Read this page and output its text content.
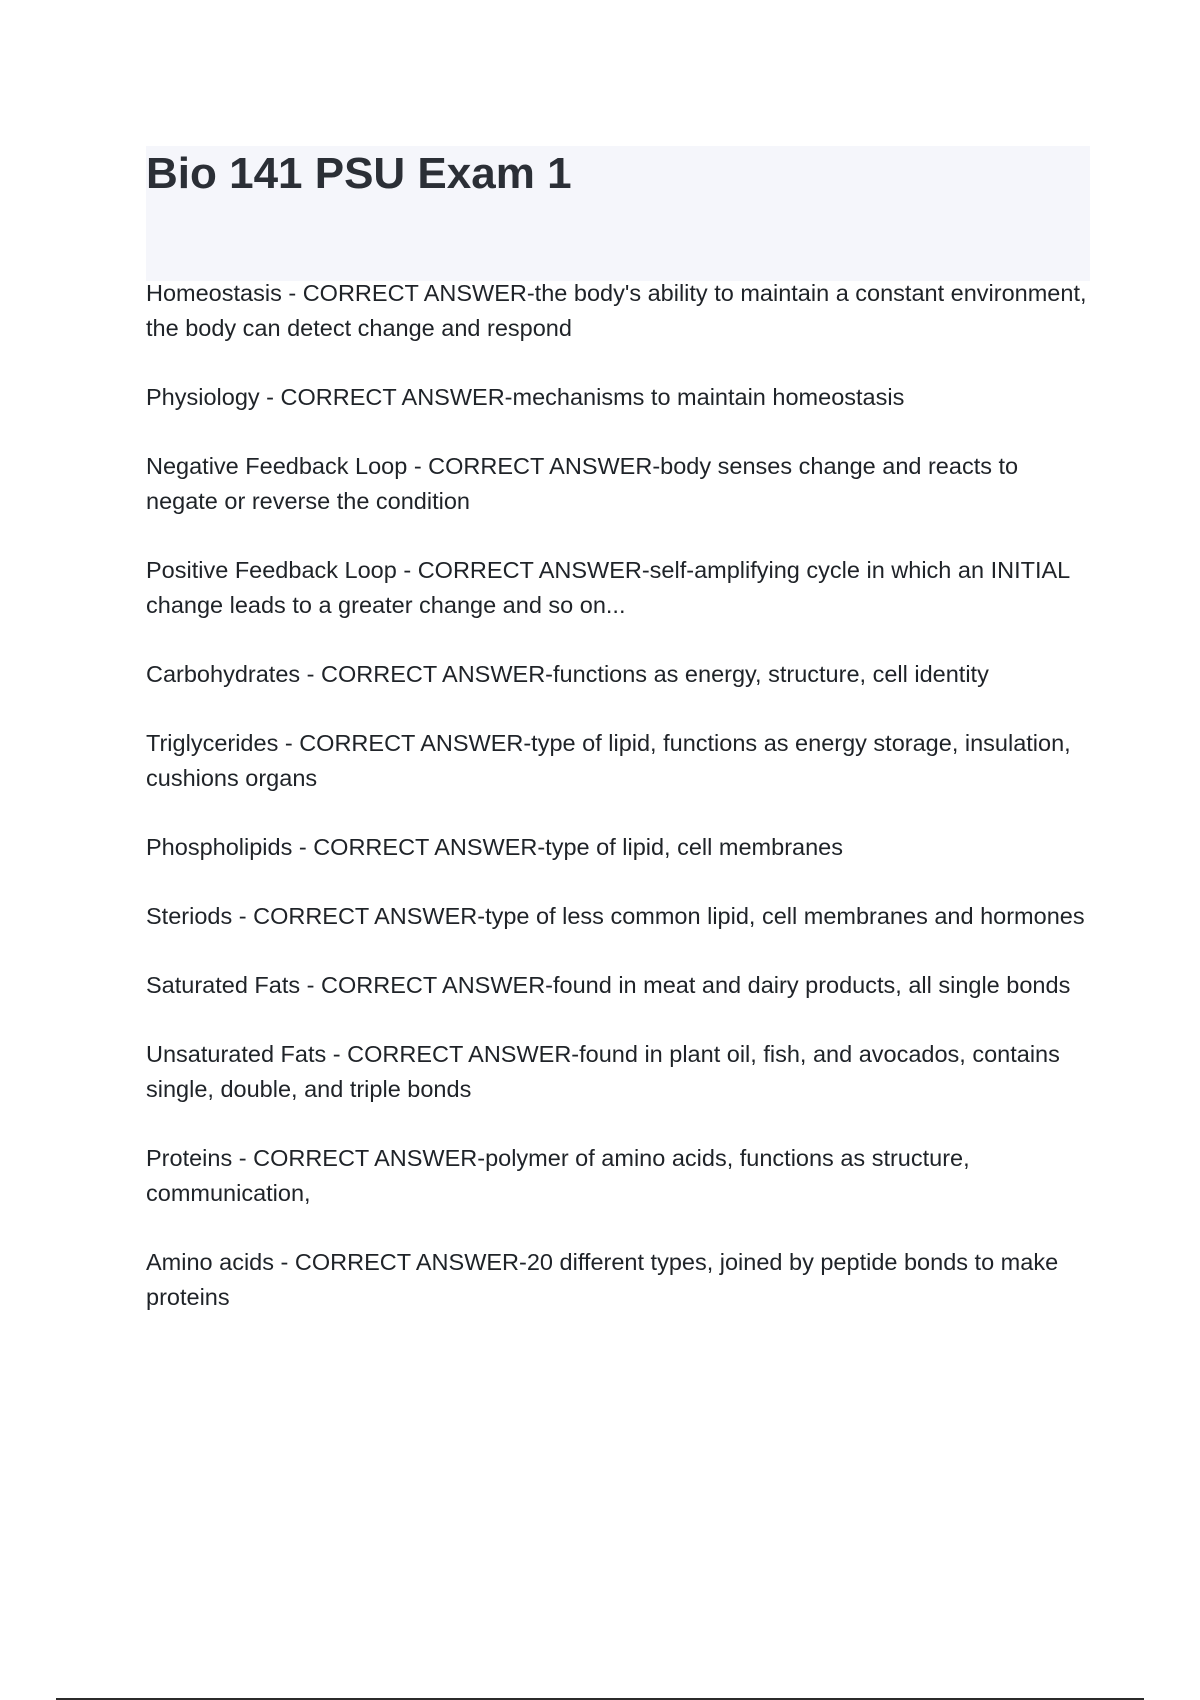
Bio 141 PSU Exam 1
Homeostasis - CORRECT ANSWER-the body's ability to maintain a constant environment, the body can detect change and respond
Physiology - CORRECT ANSWER-mechanisms to maintain homeostasis
Negative Feedback Loop - CORRECT ANSWER-body senses change and reacts to negate or reverse the condition
Positive Feedback Loop - CORRECT ANSWER-self-amplifying cycle in which an INITIAL change leads to a greater change and so on...
Carbohydrates - CORRECT ANSWER-functions as energy, structure, cell identity
Triglycerides - CORRECT ANSWER-type of lipid, functions as energy storage, insulation, cushions organs
Phospholipids - CORRECT ANSWER-type of lipid, cell membranes
Steriods - CORRECT ANSWER-type of less common lipid, cell membranes and hormones
Saturated Fats - CORRECT ANSWER-found in meat and dairy products, all single bonds
Unsaturated Fats - CORRECT ANSWER-found in plant oil, fish, and avocados, contains single, double, and triple bonds
Proteins - CORRECT ANSWER-polymer of amino acids, functions as structure, communication,
Amino acids - CORRECT ANSWER-20 different types, joined by peptide bonds to make proteins
